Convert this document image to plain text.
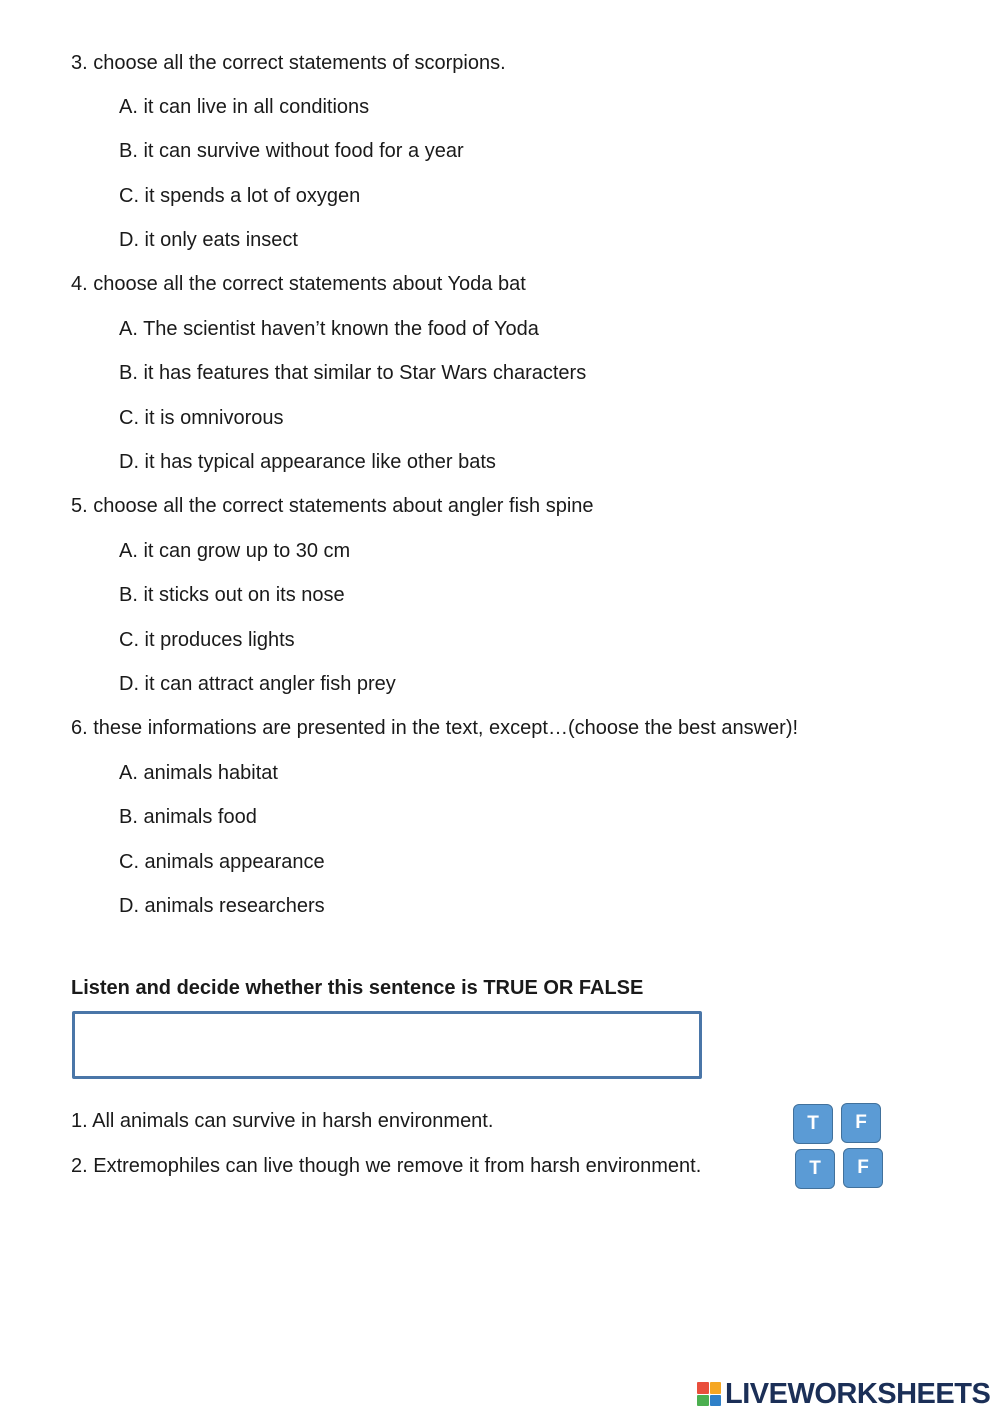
3. choose all the correct statements of scorpions.
A. it can live in all conditions
B. it can survive without food for a year
C. it spends a lot of oxygen
D. it only eats insect
4. choose all the correct statements about Yoda bat
A. The scientist haven’t known the food of Yoda
B. it has features that similar to Star Wars characters
C. it is omnivorous
D. it has typical appearance like other bats
5. choose all the correct statements about angler fish spine
A. it can grow up to 30 cm
B. it sticks out on its nose
C. it produces lights
D. it can attract angler fish prey
6. these informations are presented in the text, except…(choose the best answer)!
A. animals habitat
B. animals food
C. animals appearance
D. animals researchers
Listen and decide whether this sentence is TRUE OR FALSE
1. All animals can survive in harsh environment.	T	F
2. Extremophiles can live though we remove it from harsh environment.	T	F
LIVEWORKSHEETS
